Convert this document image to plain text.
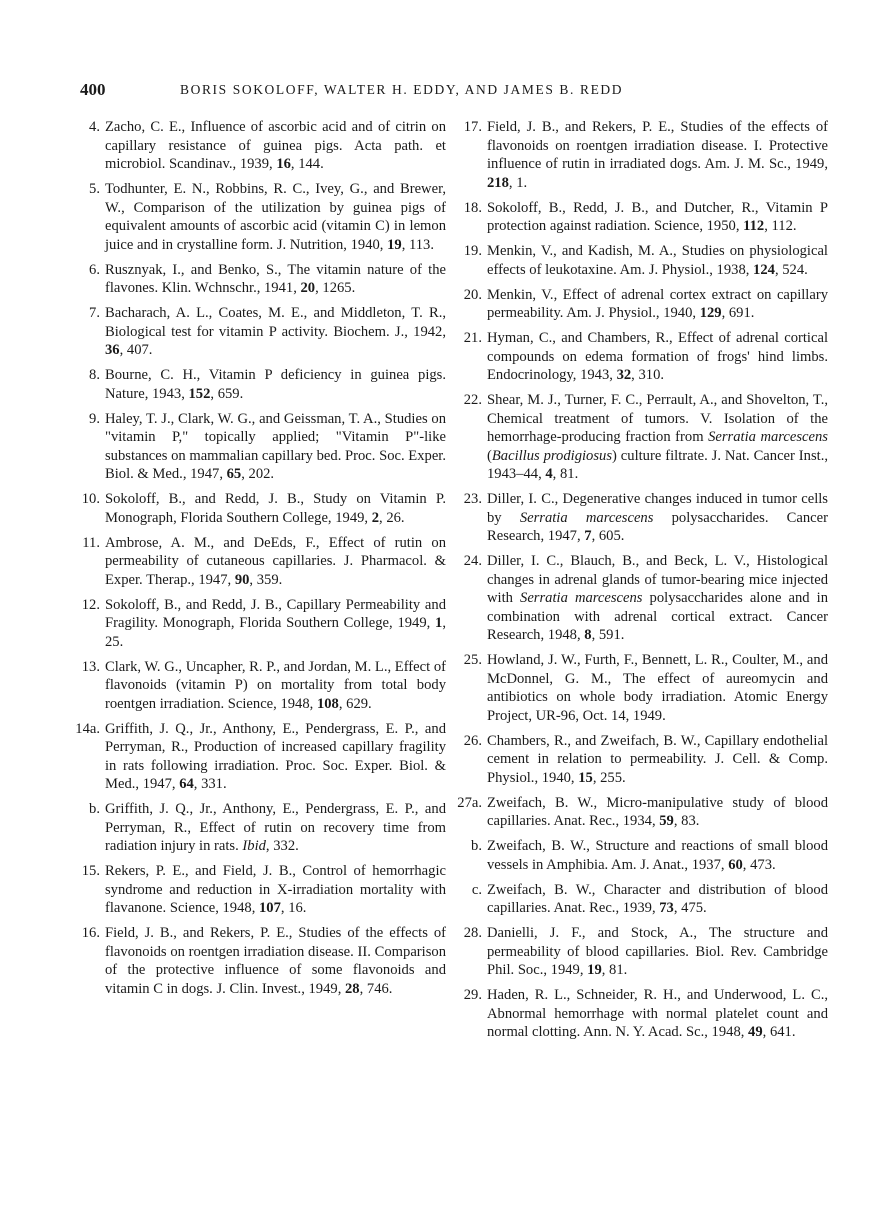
400	BORIS SOKOLOFF, WALTER H. EDDY, AND JAMES B. REDD
4. Zacho, C. E., Influence of ascorbic acid and of citrin on capillary resistance of guinea pigs. Acta path. et microbiol. Scandinav., 1939, 16, 144.
5. Todhunter, E. N., Robbins, R. C., Ivey, G., and Brewer, W., Comparison of the utilization by guinea pigs of equivalent amounts of ascorbic acid (vitamin C) in lemon juice and in crystalline form. J. Nutrition, 1940, 19, 113.
6. Rusznyak, I., and Benko, S., The vitamin nature of the flavones. Klin. Wchnschr., 1941, 20, 1265.
7. Bacharach, A. L., Coates, M. E., and Middleton, T. R., Biological test for vitamin P activity. Biochem. J., 1942, 36, 407.
8. Bourne, C. H., Vitamin P deficiency in guinea pigs. Nature, 1943, 152, 659.
9. Haley, T. J., Clark, W. G., and Geissman, T. A., Studies on "vitamin P," topically applied; "Vitamin P"-like substances on mammalian capillary bed. Proc. Soc. Exper. Biol. & Med., 1947, 65, 202.
10. Sokoloff, B., and Redd, J. B., Study on Vitamin P. Monograph, Florida Southern College, 1949, 2, 26.
11. Ambrose, A. M., and DeEds, F., Effect of rutin on permeability of cutaneous capillaries. J. Pharmacol. & Exper. Therap., 1947, 90, 359.
12. Sokoloff, B., and Redd, J. B., Capillary Permeability and Fragility. Monograph, Florida Southern College, 1949, 1, 25.
13. Clark, W. G., Uncapher, R. P., and Jordan, M. L., Effect of flavonoids (vitamin P) on mortality from total body roentgen irradiation. Science, 1948, 108, 629.
14a. Griffith, J. Q., Jr., Anthony, E., Pendergrass, E. P., and Perryman, R., Production of increased capillary fragility in rats following irradiation. Proc. Soc. Exper. Biol. & Med., 1947, 64, 331.
b. Griffith, J. Q., Jr., Anthony, E., Pendergrass, E. P., and Perryman, R., Effect of rutin on recovery time from radiation injury in rats. Ibid, 332.
15. Rekers, P. E., and Field, J. B., Control of hemorrhagic syndrome and reduction in X-irradiation mortality with flavanone. Science, 1948, 107, 16.
16. Field, J. B., and Rekers, P. E., Studies of the effects of flavonoids on roentgen irradiation disease. II. Comparison of the protective influence of some flavonoids and vitamin C in dogs. J. Clin. Invest., 1949, 28, 746.
17. Field, J. B., and Rekers, P. E., Studies of the effects of flavonoids on roentgen irradiation disease. I. Protective influence of rutin in irradiated dogs. Am. J. M. Sc., 1949, 218, 1.
18. Sokoloff, B., Redd, J. B., and Dutcher, R., Vitamin P protection against radiation. Science, 1950, 112, 112.
19. Menkin, V., and Kadish, M. A., Studies on physiological effects of leukotaxine. Am. J. Physiol., 1938, 124, 524.
20. Menkin, V., Effect of adrenal cortex extract on capillary permeability. Am. J. Physiol., 1940, 129, 691.
21. Hyman, C., and Chambers, R., Effect of adrenal cortical compounds on edema formation of frogs' hind limbs. Endocrinology, 1943, 32, 310.
22. Shear, M. J., Turner, F. C., Perrault, A., and Shovelton, T., Chemical treatment of tumors. V. Isolation of the hemorrhage-producing fraction from Serratia marcescens (Bacillus prodigiosus) culture filtrate. J. Nat. Cancer Inst., 1943–44, 4, 81.
23. Diller, I. C., Degenerative changes induced in tumor cells by Serratia marcescens polysaccharides. Cancer Research, 1947, 7, 605.
24. Diller, I. C., Blauch, B., and Beck, L. V., Histological changes in adrenal glands of tumor-bearing mice injected with Serratia marcescens polysaccharides alone and in combination with adrenal cortical extract. Cancer Research, 1948, 8, 591.
25. Howland, J. W., Furth, F., Bennett, L. R., Coulter, M., and McDonnel, G. M., The effect of aureomycin and antibiotics on whole body irradiation. Atomic Energy Project, UR-96, Oct. 14, 1949.
26. Chambers, R., and Zweifach, B. W., Capillary endothelial cement in relation to permeability. J. Cell. & Comp. Physiol., 1940, 15, 255.
27a. Zweifach, B. W., Micro-manipulative study of blood capillaries. Anat. Rec., 1934, 59, 83.
b. Zweifach, B. W., Structure and reactions of small blood vessels in Amphibia. Am. J. Anat., 1937, 60, 473.
c. Zweifach, B. W., Character and distribution of blood capillaries. Anat. Rec., 1939, 73, 475.
28. Danielli, J. F., and Stock, A., The structure and permeability of blood capillaries. Biol. Rev. Cambridge Phil. Soc., 1949, 19, 81.
29. Haden, R. L., Schneider, R. H., and Underwood, L. C., Abnormal hemorrhage with normal platelet count and normal clotting. Ann. N. Y. Acad. Sc., 1948, 49, 641.
